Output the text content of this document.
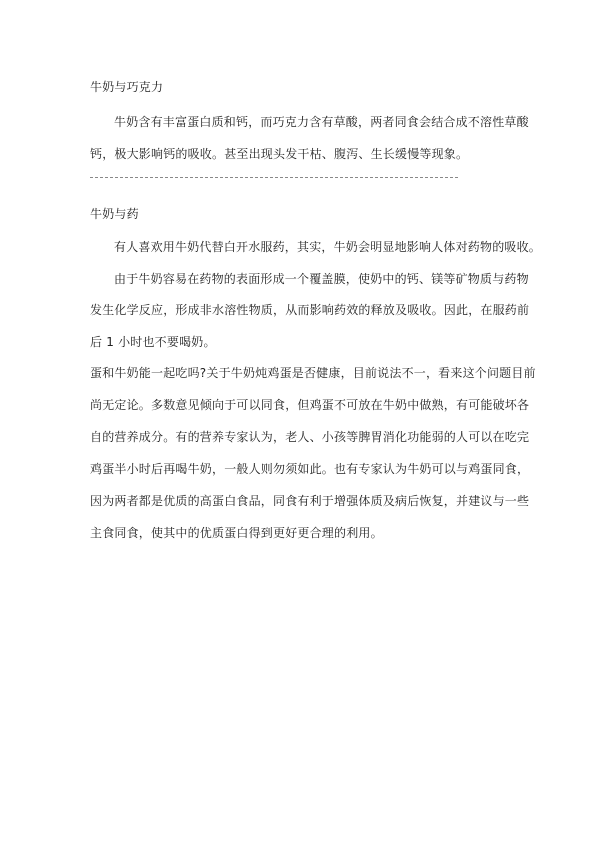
牛奶与巧克力
牛奶含有丰富蛋白质和钙，而巧克力含有草酸，两者同食会结合成不溶性草酸
钙，极大影响钙的吸收。甚至出现头发干枯、腹泻、生长缓慢等现象。
牛奶与药
有人喜欢用牛奶代替白开水服药，其实，牛奶会明显地影响人体对药物的吸收。
由于牛奶容易在药物的表面形成一个覆盖膜，使奶中的钙、镁等矿物质与药物
发生化学反应，形成非水溶性物质，从而影响药效的释放及吸收。因此，在服药前
后 1 小时也不要喝奶。
蛋和牛奶能一起吃吗?关于牛奶炖鸡蛋是否健康，目前说法不一，看来这个问题目前
尚无定论。多数意见倾向于可以同食，但鸡蛋不可放在牛奶中做熟，有可能破坏各
自的营养成分。有的营养专家认为，老人、小孩等脾胃消化功能弱的人可以在吃完
鸡蛋半小时后再喝牛奶，一般人则勿须如此。也有专家认为牛奶可以与鸡蛋同食，
因为两者都是优质的高蛋白食品，同食有利于增强体质及病后恢复，并建议与一些
主食同食，使其中的优质蛋白得到更好更合理的利用。
